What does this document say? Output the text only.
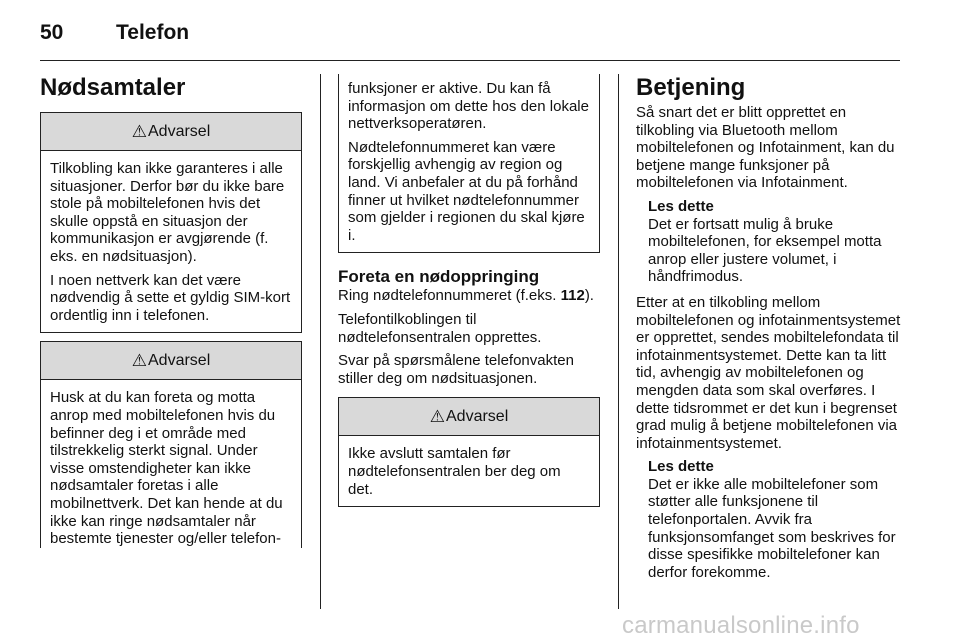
50	Telefon
Nødsamtaler
⚠ Advarsel

Tilkobling kan ikke garanteres i alle situasjoner. Derfor bør du ikke bare stole på mobiltelefonen hvis det skulle oppstå en situasjon der kommunikasjon er avgjørende (f. eks. en nødsituasjon).

I noen nettverk kan det være nødvendig å sette et gyldig SIM-kort ordentlig inn i telefonen.

⚠ Advarsel

Husk at du kan foreta og motta anrop med mobiltelefonen hvis du befinner deg i et område med tilstrekkelig sterkt signal. Under visse omstendigheter kan ikke nødsamtaler foretas i alle mobilnettverk. Det kan hende at du ikke kan ringe nødsamtaler når bestemte tjenester og/eller telefon-

funksjoner er aktive. Du kan få informasjon om dette hos den lokale nettverksoperatøren.

Nødtelefonnummeret kan være forskjellig avhengig av region og land. Vi anbefaler at du på forhånd finner ut hvilket nødtelefonnummer som gjelder i regionen du skal kjøre i.

Foreta en nødoppringing

Ring nødtelefonnummeret (f.eks. 112).

Telefontilkoblingen til nødtelefonsentralen opprettes.

Svar på spørsmålene telefonvakten stiller deg om nødsituasjonen.

⚠ Advarsel

Ikke avslutt samtalen før nødtelefonsentralen ber deg om det.

Betjening

Så snart det er blitt opprettet en tilkobling via Bluetooth mellom mobiltelefonen og Infotainment, kan du betjene mange funksjoner på mobiltelefonen via Infotainment.

Les dette
Det er fortsatt mulig å bruke mobiltelefonen, for eksempel motta anrop eller justere volumet, i håndfrimodus.

Etter at en tilkobling mellom mobiltelefonen og infotainmentsystemet er opprettet, sendes mobiltelefondata til infotainmentsystemet. Dette kan ta litt tid, avhengig av mobiltelefonen og mengden data som skal overføres. I dette tidsrommet er det kun i begrenset grad mulig å betjene mobiltelefonen via infotainmentsystemet.

Les dette
Det er ikke alle mobiltelefoner som støtter alle funksjonene til telefonportalen. Avvik fra funksjonsomfanget som beskrives for disse spesifikke mobiltelefoner kan derfor forekomme.
carmanualsonline.info
